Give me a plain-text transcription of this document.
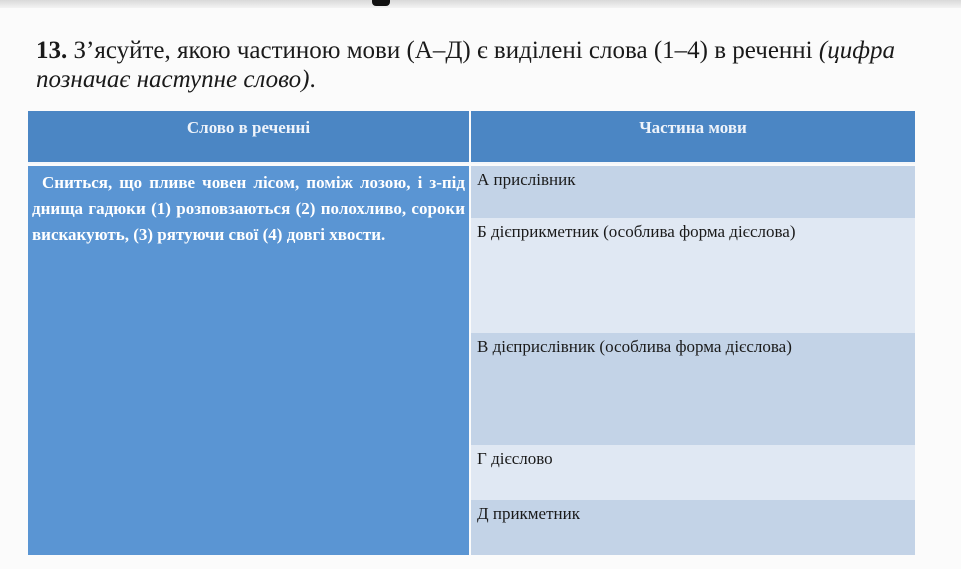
13. З’ясуйте, якою частиною мови (А–Д) є виділені слова (1–4) в реченні (цифра позначає наступне слово).
Слово в реченні	Частина мови
Сниться, що пливе човен лісом, поміж лозою, і з-під днища гадюки (1) розповзаються (2) полохливо, сороки вискакують, (3) рятуючи свої (4) довгі хвости.
А прислівник
Б дієприкметник (особлива форма дієслова)
В дієприслівник (особлива форма дієслова)
Г дієслово
Д прикметник
